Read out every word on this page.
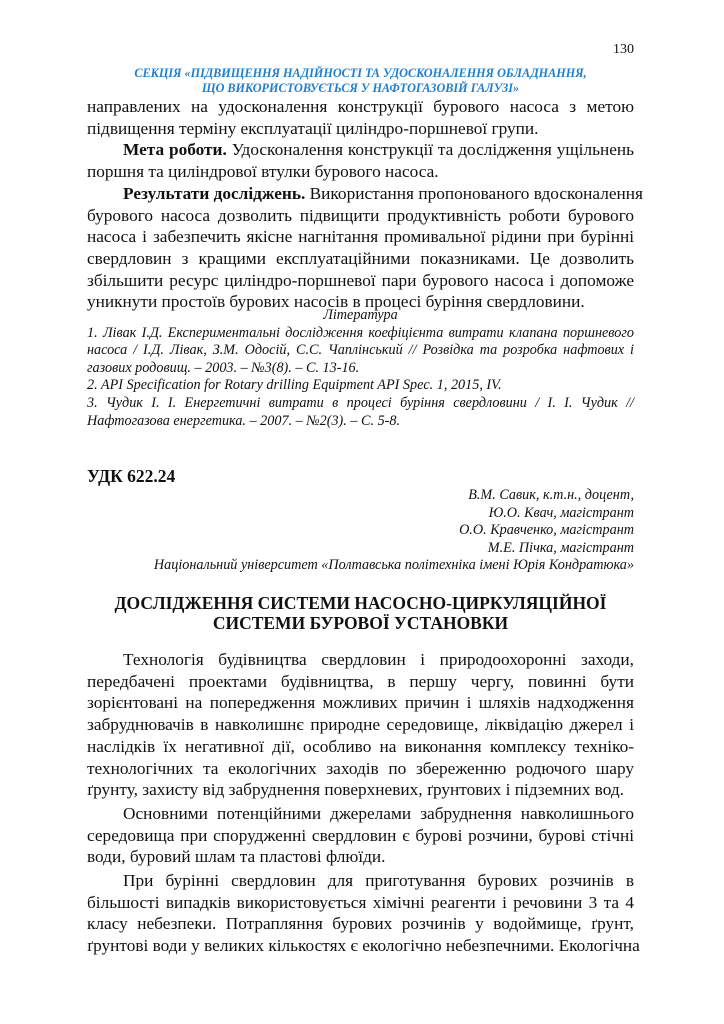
130
СЕКЦІЯ «ПІДВИЩЕННЯ НАДІЙНОСТІ ТА УДОСКОНАЛЕННЯ ОБЛАДНАННЯ,
ЩО ВИКОРИСТОВУЄТЬСЯ У НАФТОГАЗОВІЙ ГАЛУЗІ»
направлених на удосконалення конструкції бурового насоса з метою
підвищення терміну експлуатації циліндро-поршневої групи.
Мета роботи. Удосконалення конструкції та дослідження ущільнень
поршня та циліндрової втулки бурового насоса.
Результати досліджень. Використання пропонованого вдосконалення
бурового насоса дозволить підвищити продуктивність роботи бурового
насоса і забезпечить якісне нагнітання промивальної рідини при бурінні
свердловин з кращими експлуатаційними показниками. Це дозволить
збільшити ресурс циліндро-поршневої пари бурового насоса і допоможе
уникнути простоїв бурових насосів в процесі буріння свердловини.
Література
1. Лівак І.Д. Експериментальні дослідження коефіцієнта витрати клапана поршневого
насоса / І.Д. Лівак, З.М. Одосій, С.С. Чаплінський // Розвідка та розробка нафтових і
газових родовищ. – 2003. – №3(8). – С. 13-16.
2. API Specification for Rotary drilling Equipment API Spec. 1, 2015, IV.
3. Чудик І. І. Енергетичні витрати в процесі буріння свердловини / І. І. Чудик //
Нафтогазова енергетика. – 2007. – №2(3). – С. 5-8.
УДК 622.24
В.М. Савик, к.т.н., доцент,
Ю.О. Квач, магістрант
О.О. Кравченко, магістрант
М.Е. Пічка, магістрант
Національний університет «Полтавська політехніка імені Юрія Кондратюка»
ДОСЛІДЖЕННЯ СИСТЕМИ НАСОСНО-ЦИРКУЛЯЦІЙНОЇ
СИСТЕМИ БУРОВОЇ УСТАНОВКИ
Технологія будівництва свердловин і природоохоронні заходи,
передбачені проектами будівництва, в першу чергу, повинні бути
зорієнтовані на попередження можливих причин і шляхів надходження
забруднювачів в навколишнє природне середовище, ліквідацію джерел і
наслідків їх негативної дії, особливо на виконання комплексу техніко-
технологічних та екологічних заходів по збереженню родючого шару
ґрунту, захисту від забруднення поверхневих, ґрунтових і підземних вод.
Основними потенційними джерелами забруднення навколишнього
середовища при спорудженні свердловин є бурові розчини, бурові стічні
води, буровий шлам та пластові флюїди.
При бурінні свердловин для приготування бурових розчинів в
більшості випадків використовується хімічні реагенти і речовини 3 та 4
класу небезпеки. Потрапляння бурових розчинів у водоймище, ґрунт,
ґрунтові води у великих кількостях є екологічно небезпечними. Екологічна
